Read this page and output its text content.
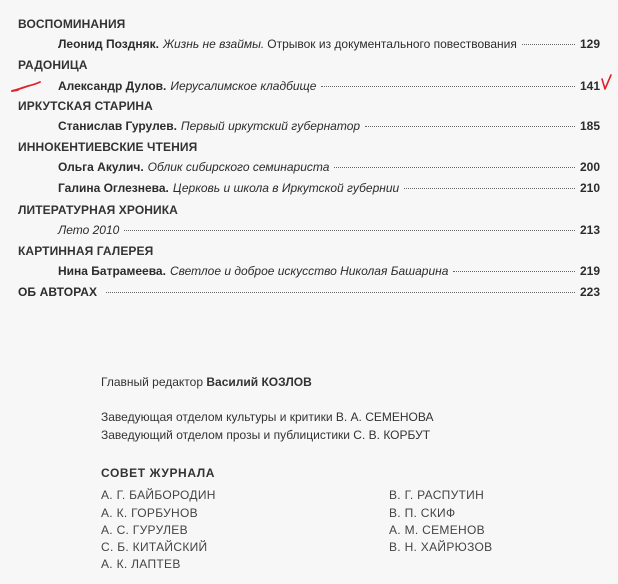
ВОСПОМИНАНИЯ
Леонид Поздняк. Жизнь не взаймы. Отрывок из документального повествования	129
РАДОНИЦА
Александр Дулов. Иерусалимское кладбище	141
ИРКУТСКАЯ СТАРИНА
Станислав Гурулев. Первый иркутский губернатор	185
ИННОКЕНТИЕВСКИЕ ЧТЕНИЯ
Ольга Акулич. Облик сибирского семинариста	200
Галина Оглезнева. Церковь и школа в Иркутской губернии	210
ЛИТЕРАТУРНАЯ ХРОНИКА
Лето 2010	213
КАРТИННАЯ ГАЛЕРЕЯ
Нина Батрамеева. Светлое и доброе искусство Николая Башарина	219
ОБ АВТОРАХ	223
Главный редактор Василий КОЗЛОВ
Заведующая отделом культуры и критики В. А. СЕМЕНОВА
Заведующий отделом прозы и публицистики С. В. КОРБУТ
СОВЕТ ЖУРНАЛА
А. Г. БАЙБОРОДИН
А. К. ГОРБУНОВ
А. С. ГУРУЛЕВ
С. Б. КИТАЙСКИЙ
А. К. ЛАПТЕВ
В. Г. РАСПУТИН
В. П. СКИФ
А. М. СЕМЕНОВ
В. Н. ХАЙРЮЗОВ
